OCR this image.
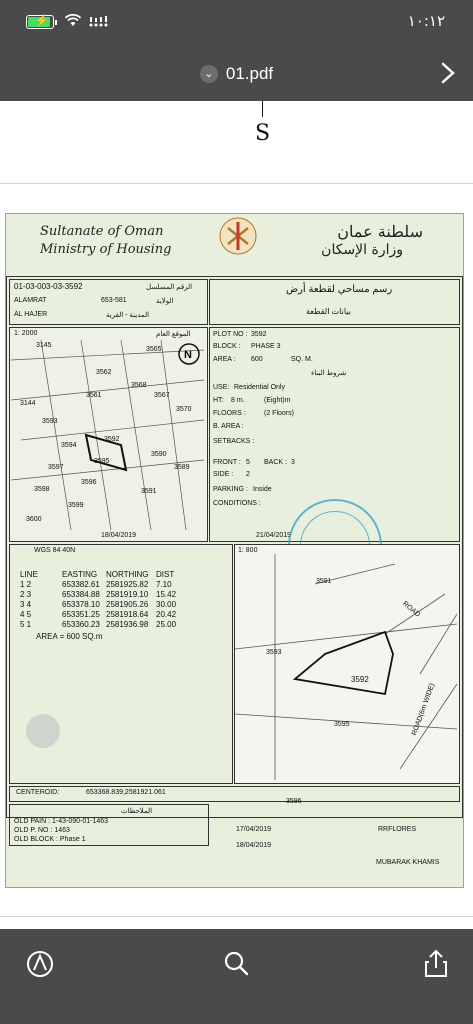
⚡	١٠:١٢
⌄ 01.pdf
S
Sultanate of Oman
Ministry of Housing
سلطنة عمان
وزارة الإسكان
01-03-003-03-3592	الرقم المسلسل
ALAMRAT	653-581	الولاية
AL HAJER	المدينة - القرية
رسم مساحي لقطعة أرض
بيانات القطعة
1: 2000	الموقع العام
N
3145
3144
3593
3565
3562
3561
3568
3567
3570
3592
3594
3595
3596
3597
3598
3599
3600
3590
3589
3591
18/04/2019
PLOT NO : 3592
BLOCK : PHASE 3
AREA : 600	SQ. M.
شروط البناء
USE: Residential Only
HT: 8 m.	(Eight)m
FLOORS :	(2 Floors)
B. AREA :
SETBACKS :
FRONT : 5 BACK : 3
SIDE : 2
PARKING : Inside
CONDITIONS :
21/04/2019
WGS 84 40N
LINE	EASTING NORTHING DIST
1 2	653382.61 2581925.82 7.10
2 3	653384.88 2581919.10 15.42
3 4	653378.10 2581905.26 30.00
4 5	653351.25 2581918.64 20.42
5 1	653360.23 2581936.98 25.00
AREA = 600 SQ.m
1: 800
3591
ROAD
3593
3592
3595	ROAD(6m WIDE)
CENTEROID:	653368.839,2581921.061
3596
الملاحظات
OLD PAIN : 1-43-090-01-1463
OLD P. NO : 1463
OLD BLOCK : Phase 1
17/04/2019
18/04/2019
RRFLORES
MUBARAK KHAMIS
